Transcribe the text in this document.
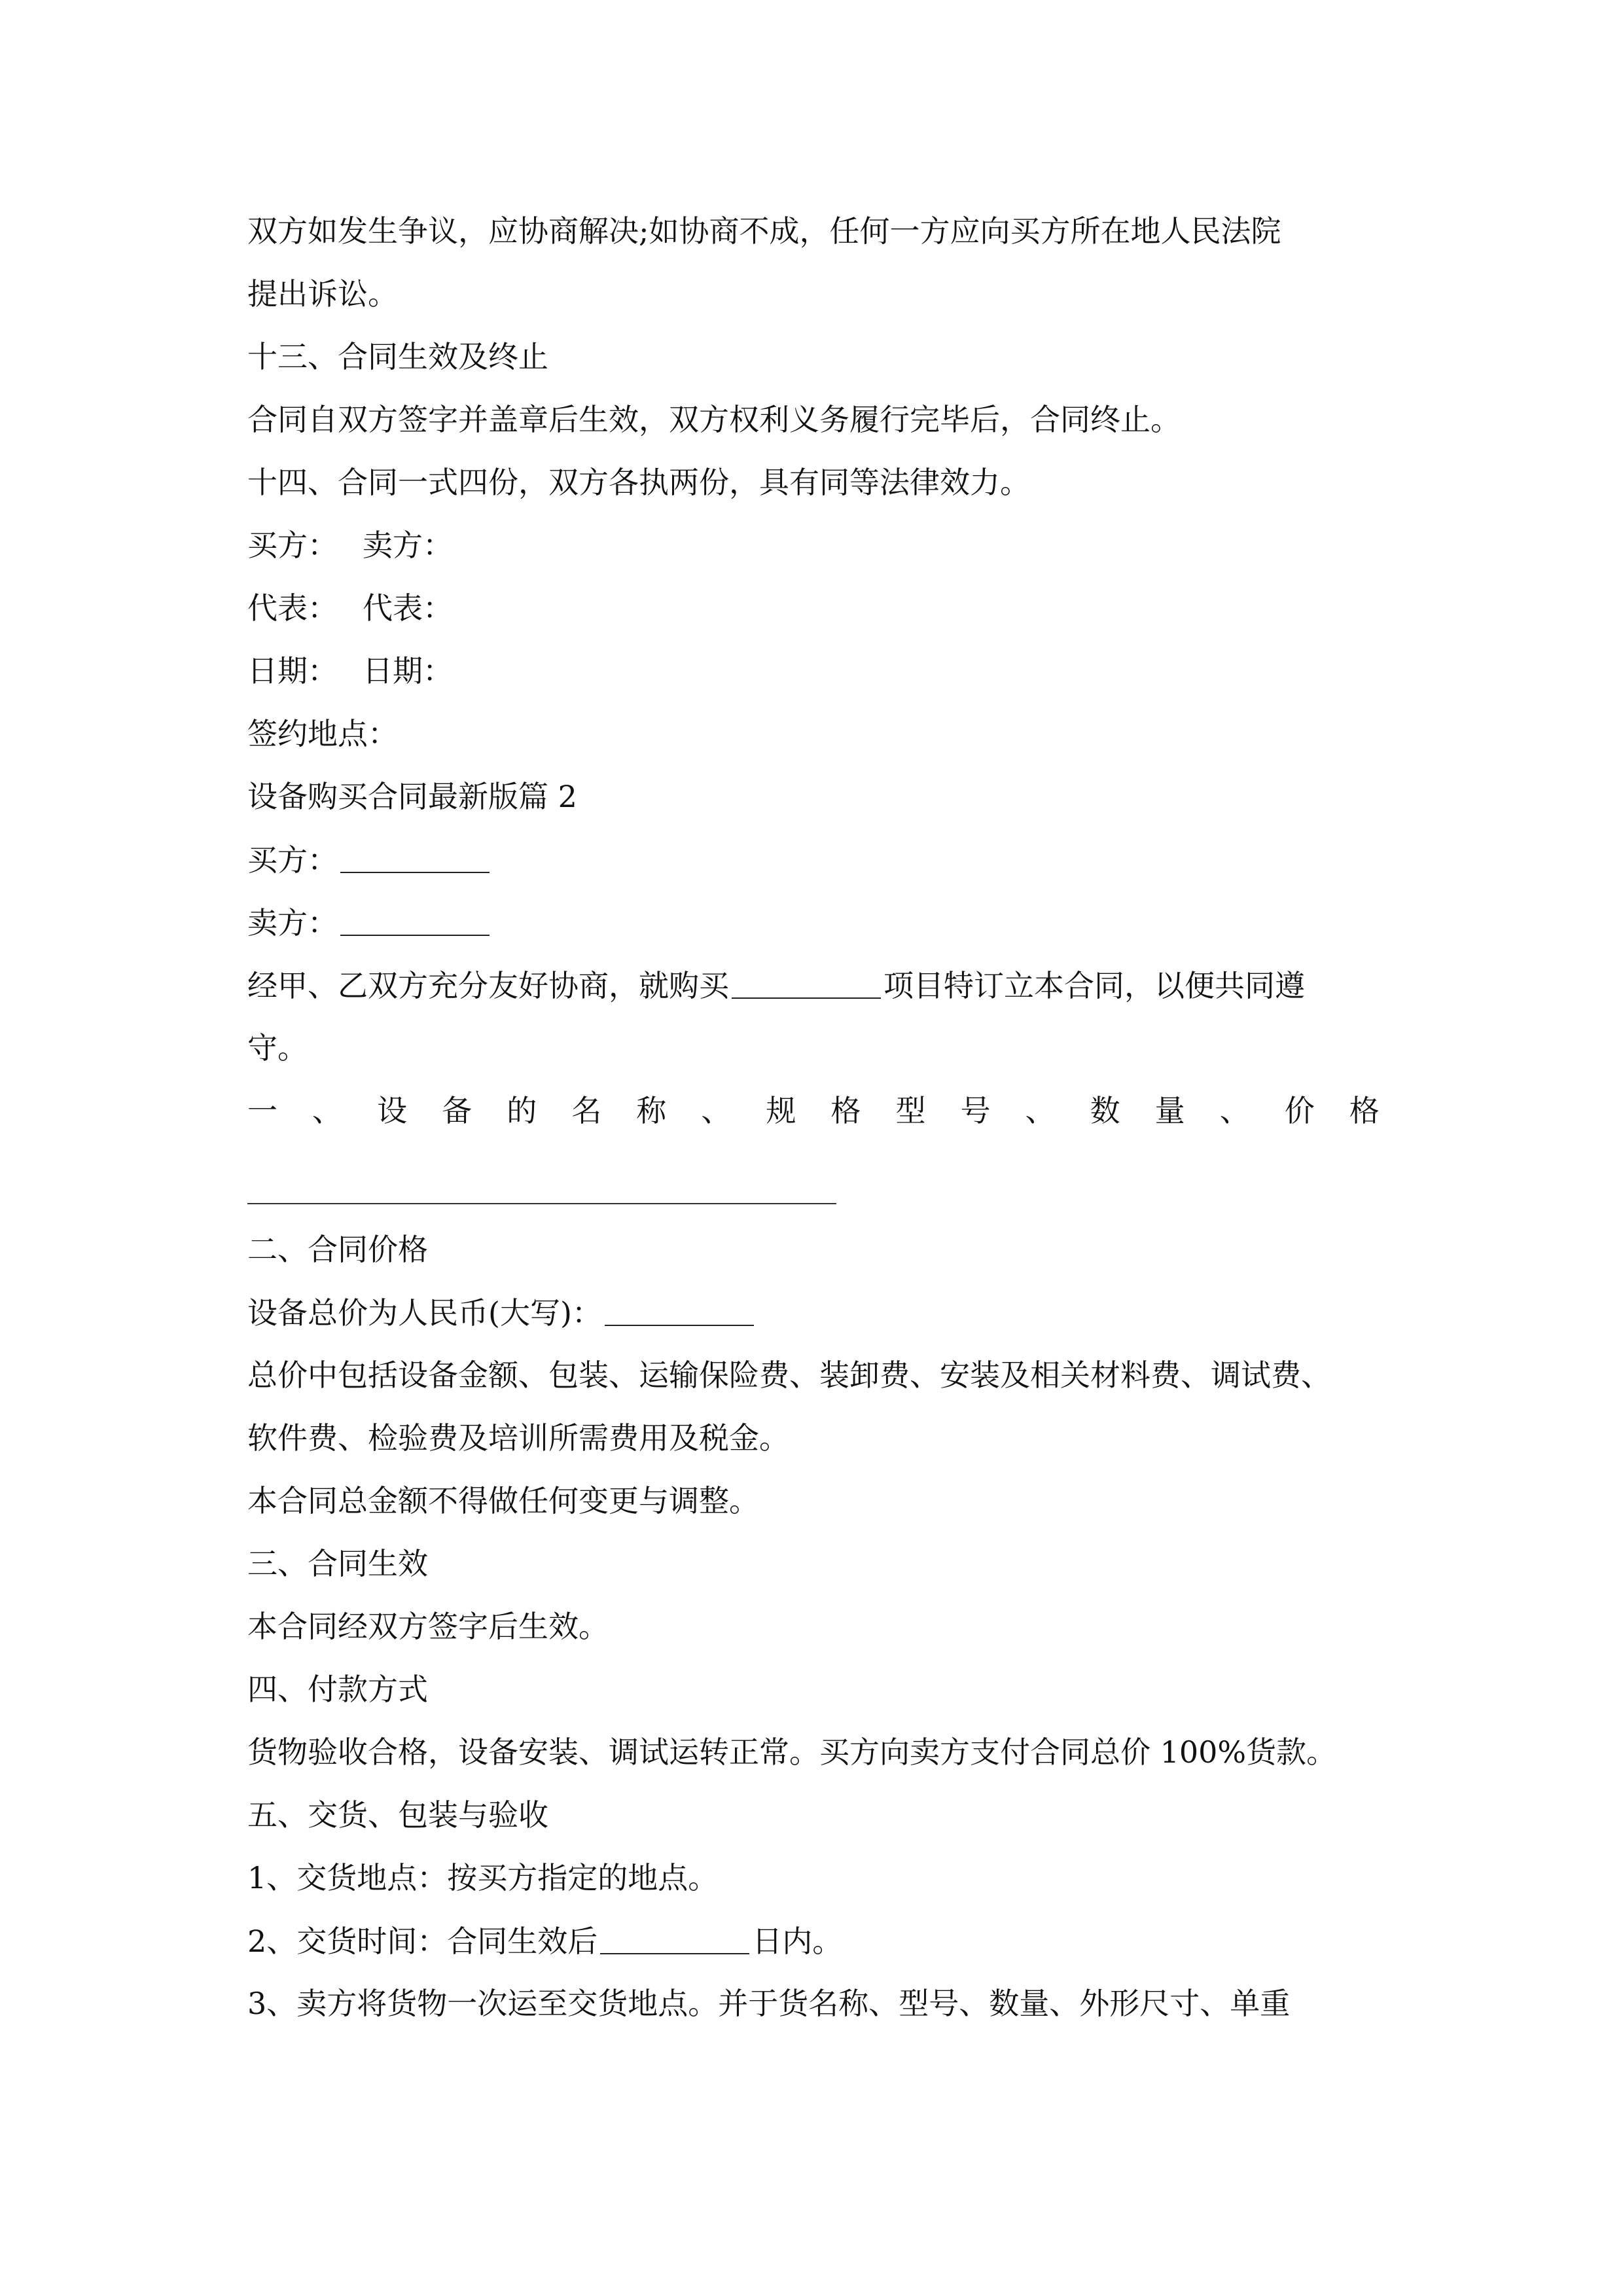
双方如发生争议，应协商解决;如协商不成，任何一方应向买方所在地人民法院
提出诉讼。
十三、合同生效及终止
合同自双方签字并盖章后生效，双方权利义务履行完毕后，合同终止。
十四、合同一式四份，双方各执两份，具有同等法律效力。
买方： 卖方：
代表： 代表：
日期： 日期：
签约地点：
设备购买合同最新版篇 2
买方：
卖方：
经甲、乙双方充分友好协商，就购买	项目特订立本合同，以便共同遵
守。
一 、 设 备 的 名 称 、 规 格 型 号 、 数 量 、 价 格
二、合同价格
设备总价为人民币(大写)：
总价中包括设备金额、包装、运输保险费、装卸费、安装及相关材料费、调试费、
软件费、检验费及培训所需费用及税金。
本合同总金额不得做任何变更与调整。
三、合同生效
本合同经双方签字后生效。
四、付款方式
货物验收合格，设备安装、调试运转正常。买方向卖方支付合同总价 100%货款。
五、交货、包装与验收
1、交货地点：按买方指定的地点。
2、交货时间：合同生效后	日内。
3、卖方将货物一次运至交货地点。并于货名称、型号、数量、外形尺寸、单重
